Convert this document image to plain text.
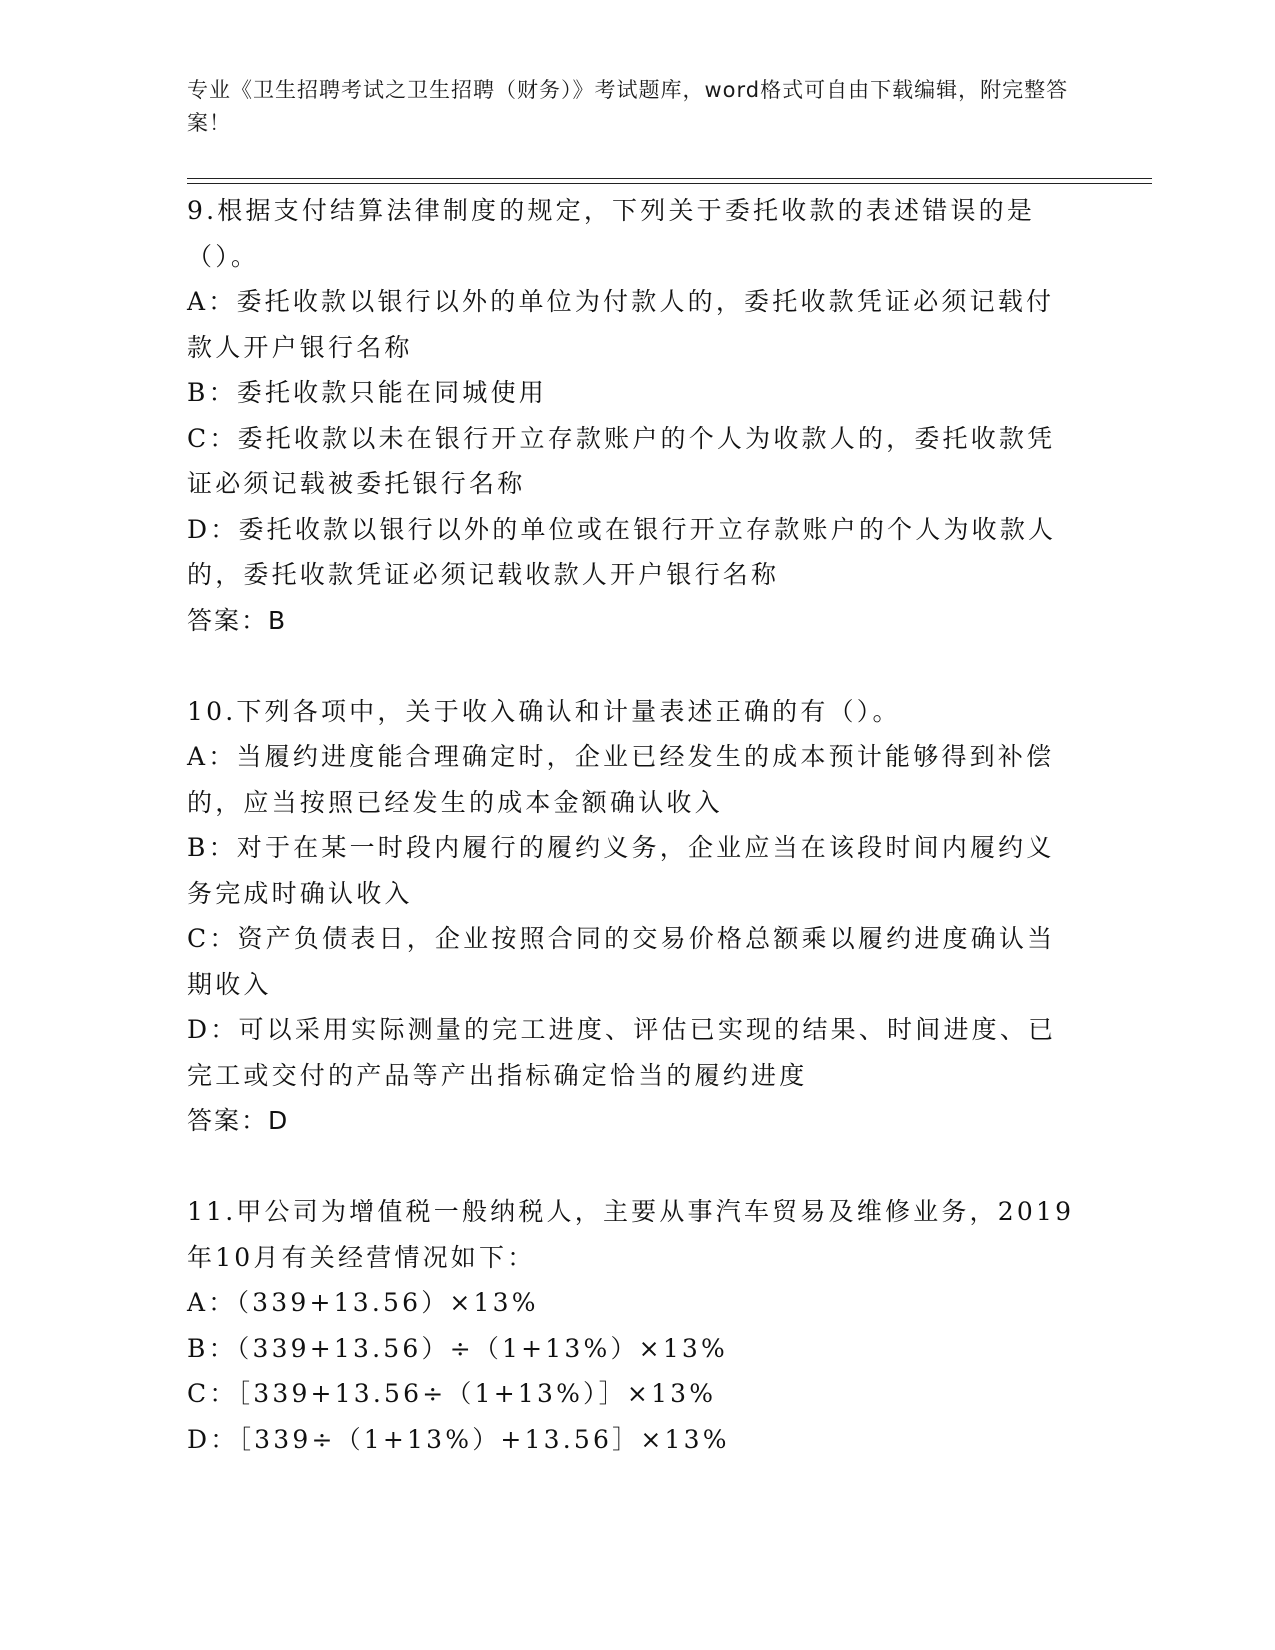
专业《卫生招聘考试之卫生招聘（财务）》考试题库，word格式可自由下载编辑，附完整答案！
9.根据支付结算法律制度的规定，下列关于委托收款的表述错误的是（）。
A：委托收款以银行以外的单位为付款人的，委托收款凭证必须记载付款人开户银行名称
B：委托收款只能在同城使用
C：委托收款以未在银行开立存款账户的个人为收款人的，委托收款凭证必须记载被委托银行名称
D：委托收款以银行以外的单位或在银行开立存款账户的个人为收款人的，委托收款凭证必须记载收款人开户银行名称
答案：B
10.下列各项中，关于收入确认和计量表述正确的有（）。
A：当履约进度能合理确定时，企业已经发生的成本预计能够得到补偿的，应当按照已经发生的成本金额确认收入
B：对于在某一时段内履行的履约义务，企业应当在该段时间内履约义务完成时确认收入
C：资产负债表日，企业按照合同的交易价格总额乘以履约进度确认当期收入
D：可以采用实际测量的完工进度、评估已实现的结果、时间进度、已完工或交付的产品等产出指标确定恰当的履约进度
答案：D
11.甲公司为增值税一般纳税人，主要从事汽车贸易及维修业务，2019年10月有关经营情况如下：
A：（339+13.56）×13%
B：（339+13.56）÷（1+13%）×13%
C：［339+13.56÷（1+13%）］×13%
D：［339÷（1+13%）+13.56］×13%
